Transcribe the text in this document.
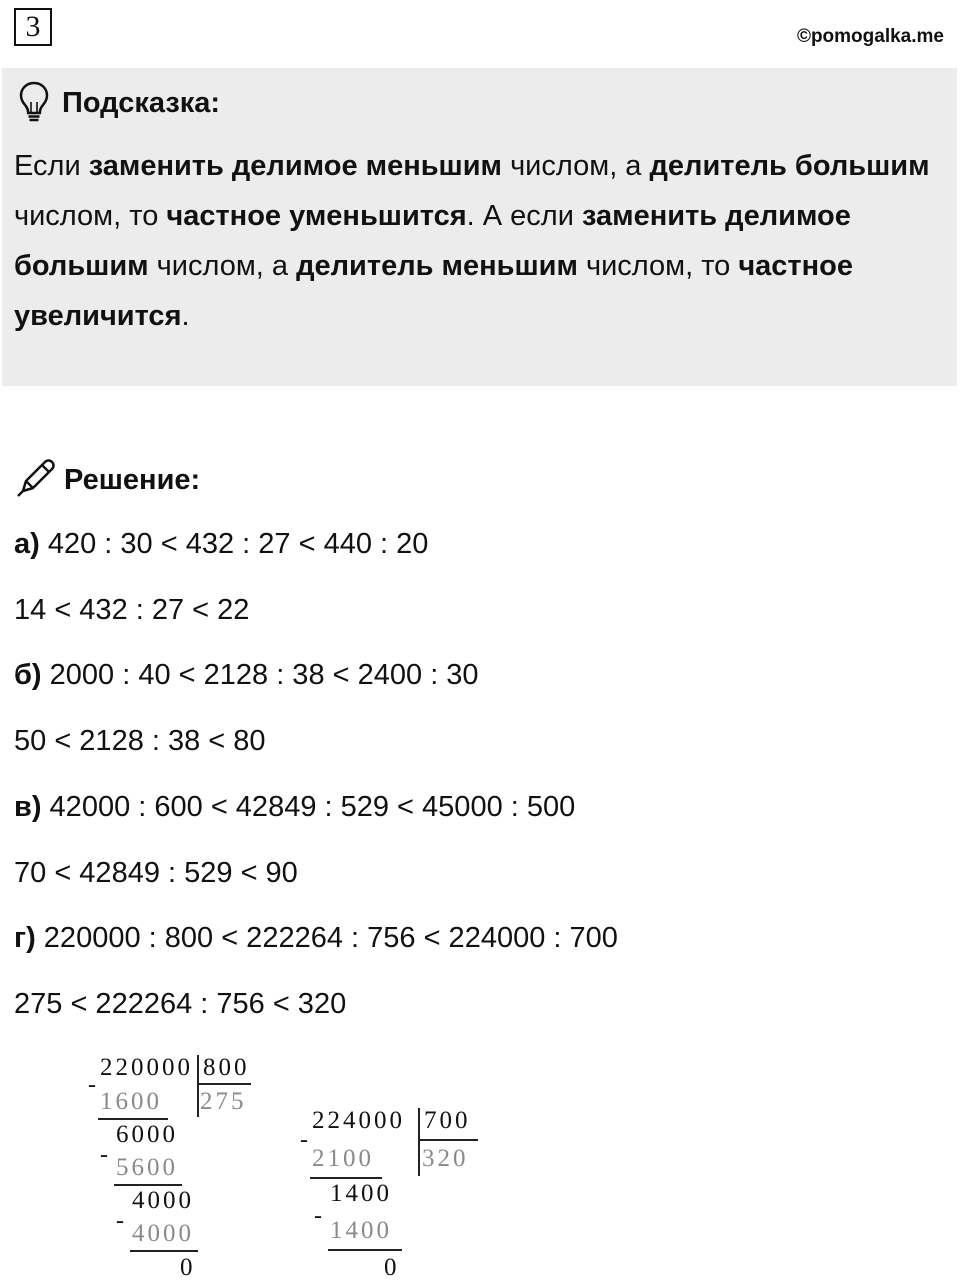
3	©pomogalka.me
Подсказка:
Если заменить делимое меньшим числом, а делитель большим числом, то частное уменьшится. А если заменить делимое большим числом, а делитель меньшим числом, то частное увеличится.
Решение:
а) 420 : 30 < 432 : 27 < 440 : 20
14 < 432 : 27 < 22
б) 2000 : 40 < 2128 : 38 < 2400 : 30
50 < 2128 : 38 < 80
в) 42000 : 600 < 42849 : 529 < 45000 : 500
70 < 42849 : 529 < 90
г) 220000 : 800 < 222264 : 756 < 224000 : 700
275 < 222264 : 756 < 320
-
220000 800
275
1600
-
6000
5600
-
4000
4000
0
-
224000 700
320
2100
-
1400
1400
0
